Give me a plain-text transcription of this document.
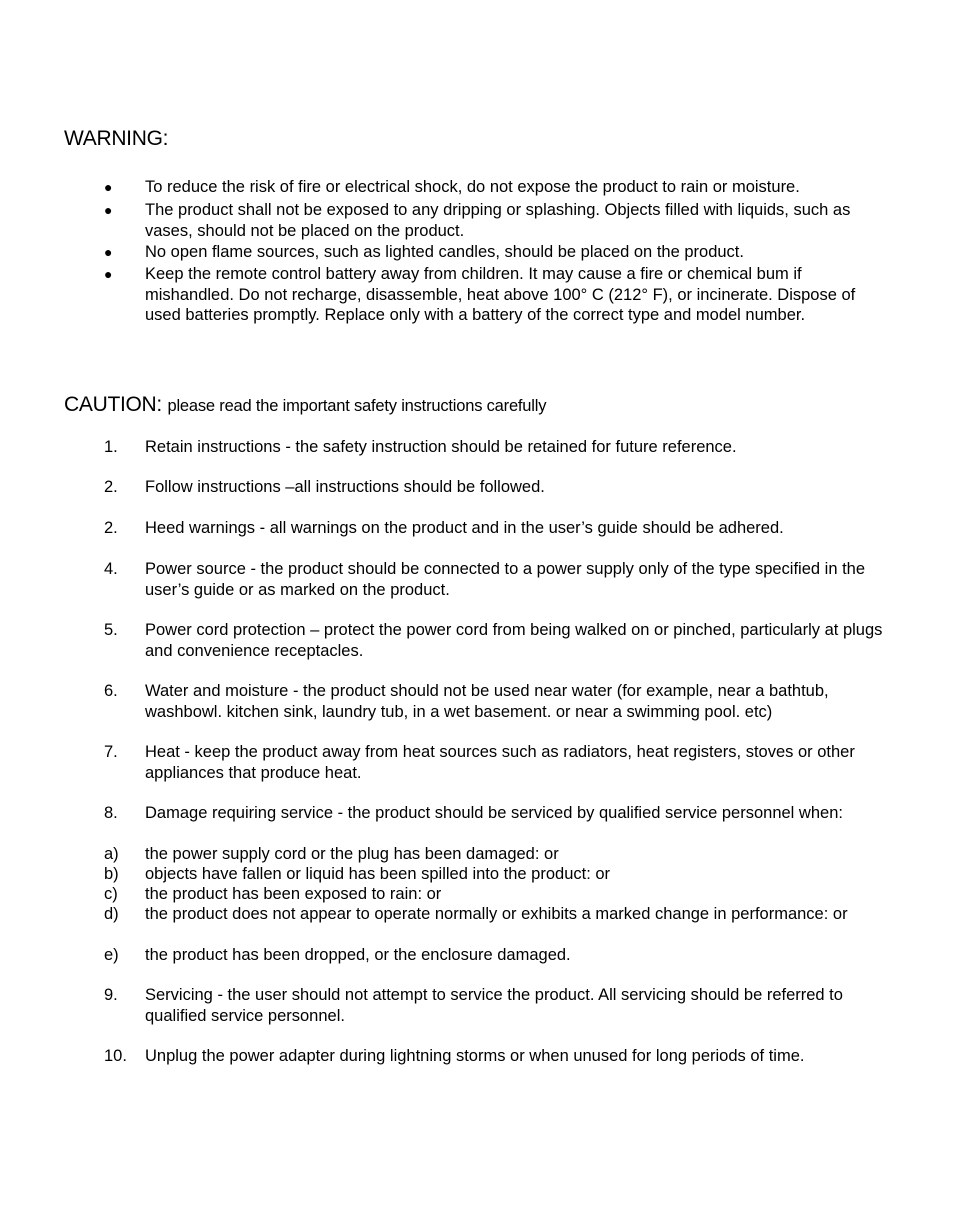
WARNING:
● To reduce the risk of fire or electrical shock, do not expose the product to rain or moisture.
● The product shall not be exposed to any dripping or splashing. Objects filled with liquids, such as vases, should not be placed on the product.
● No open flame sources, such as lighted candles, should be placed on the product.
● Keep the remote control battery away from children. It may cause a fire or chemical bum if mishandled. Do not recharge, disassemble, heat above 100° C (212° F), or incinerate. Dispose of used batteries promptly. Replace only with a battery of the correct type and model number.
CAUTION: please read the important safety instructions carefully
1.	Retain instructions - the safety instruction should be retained for future reference.
2.	Follow instructions –all instructions should be followed.
2.	Heed warnings - all warnings on the product and in the user’s guide should be adhered.
4.	Power source - the product should be connected to a power supply only of the type specified in the user’s guide or as marked on the product.
5.	Power cord protection – protect the power cord from being walked on or pinched, particularly at plugs and convenience receptacles.
6.	Water and moisture - the product should not be used near water (for example, near a bathtub, washbowl. kitchen sink, laundry tub, in a wet basement. or near a swimming pool. etc)
7.	Heat - keep the product away from heat sources such as radiators, heat registers, stoves or other appliances that produce heat.
8.	Damage requiring service - the product should be serviced by qualified service personnel when:
a)	the power supply cord or the plug has been damaged: or
b)	objects have fallen or liquid has been spilled into the product: or
c)	the product has been exposed to rain: or
d)	the product does not appear to operate normally or exhibits a marked change in performance: or
e)	the product has been dropped, or the enclosure damaged.
9.	Servicing - the user should not attempt to service the product. All servicing should be referred to qualified service personnel.
10.	Unplug the power adapter during lightning storms or when unused for long periods of time.
